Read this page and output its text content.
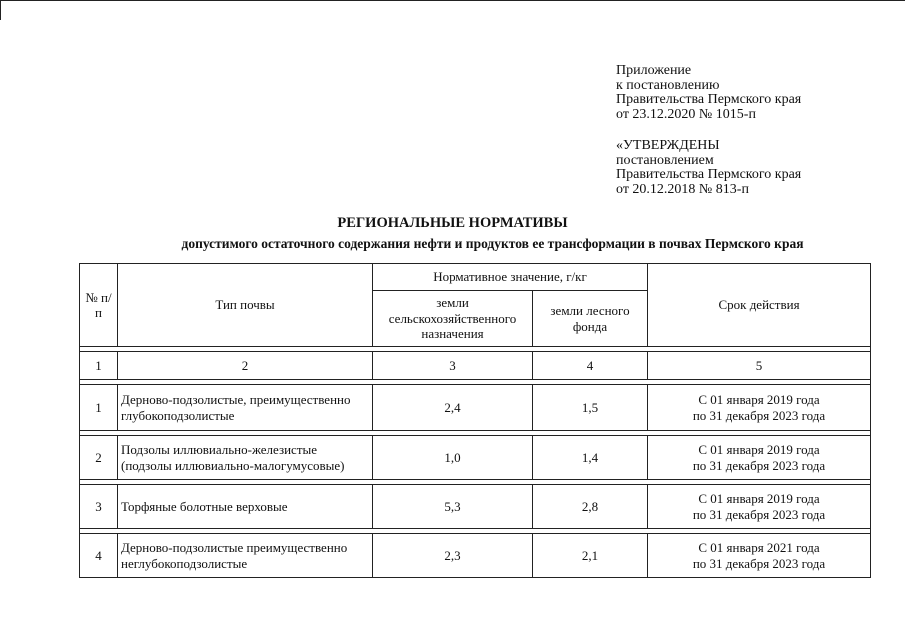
Приложение
к постановлению
Правительства Пермского края
от 23.12.2020 № 1015-п
«УТВЕРЖДЕНЫ
постановлением
Правительства Пермского края
от 20.12.2018 № 813-п
РЕГИОНАЛЬНЫЕ НОРМАТИВЫ
допустимого остаточного содержания нефти и продуктов ее трансформации в почвах Пермского края
№ п/п	Тип почвы	Нормативное значение, г/кг		Срок действия
		земли сельскохозяйственного назначения	земли лесного фонда	

1	2	3	4	5

1	Дерново-подзолистые, преимущественно глубокоподзолистые	2,4	1,5	С 01 января 2019 года
по 31 декабря 2023 года

2	Подзолы иллювиально-железистые (подзолы иллювиально-малогумусовые)	1,0	1,4	С 01 января 2019 года
по 31 декабря 2023 года

3	Торфяные болотные верховые	5,3	2,8	С 01 января 2019 года
по 31 декабря 2023 года

4	Дерново-подзолистые преимущественно неглубокоподзолистые	2,3	2,1	С 01 января 2021 года
по 31 декабря 2023 года
